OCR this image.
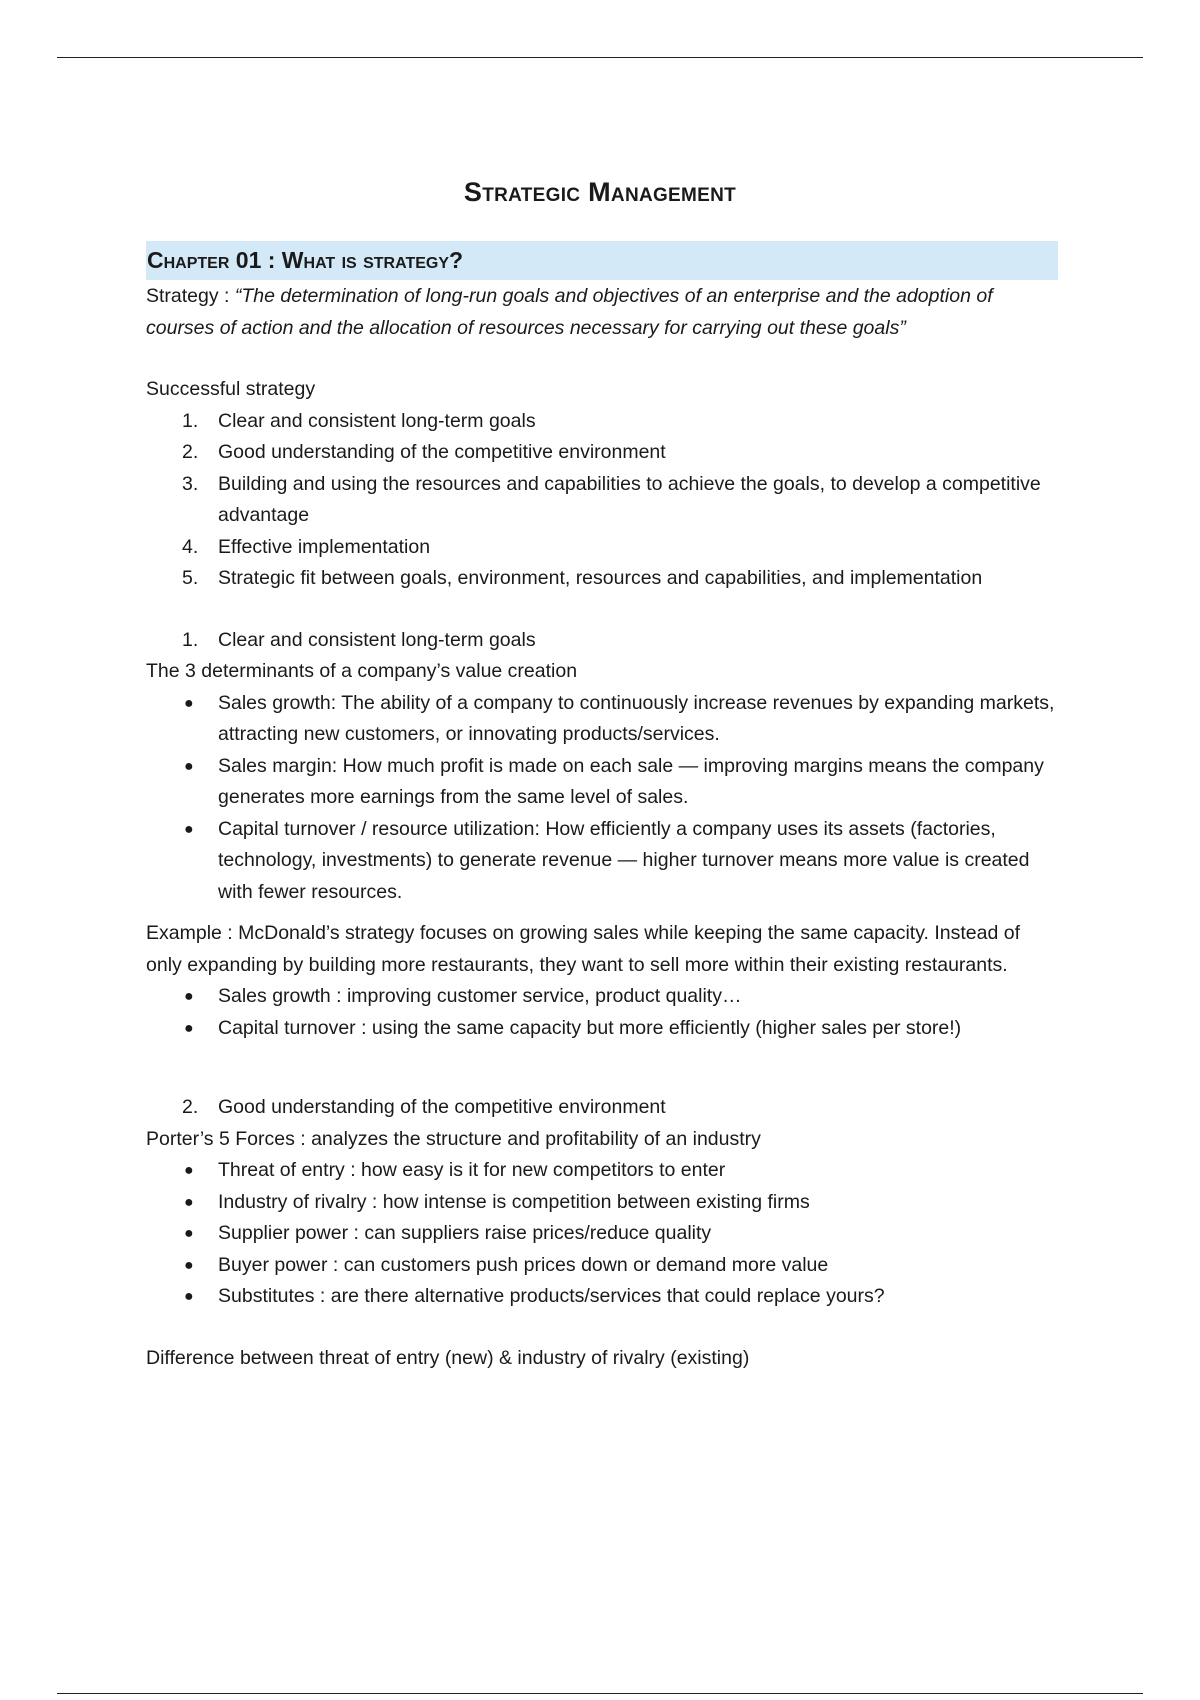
Strategic Management
Chapter 01 : What is strategy?

Strategy : “The determination of long-run goals and objectives of an enterprise and the adoption of courses of action and the allocation of resources necessary for carrying out these goals”

Successful strategy

1.	Clear and consistent long-term goals
2.	Good understanding of the competitive environment
3.	Building and using the resources and capabilities to achieve the goals, to develop a competitive advantage
4.	Effective implementation
5.	Strategic fit between goals, environment, resources and capabilities, and implementation
1.	Clear and consistent long-term goals

The 3 determinants of a company’s value creation

●	Sales growth: The ability of a company to continuously increase revenues by expanding markets, attracting new customers, or innovating products/services.
●	Sales margin: How much profit is made on each sale — improving margins means the company generates more earnings from the same level of sales.
●	Capital turnover / resource utilization: How efficiently a company uses its assets (factories, technology, investments) to generate revenue — higher turnover means more value is created with fewer resources.

Example : McDonald’s strategy focuses on growing sales while keeping the same capacity. Instead of only expanding by building more restaurants, they want to sell more within their existing restaurants.

●	Sales growth : improving customer service, product quality…
●	Capital turnover : using the same capacity but more efficiently (higher sales per store!)
2.	Good understanding of the competitive environment

Porter’s 5 Forces : analyzes the structure and profitability of an industry

●	Threat of entry : how easy is it for new competitors to enter
●	Industry of rivalry : how intense is competition between existing firms
●	Supplier power : can suppliers raise prices/reduce quality
●	Buyer power : can customers push prices down or demand more value
●	Substitutes : are there alternative products/services that could replace yours?

Difference between threat of entry (new) & industry of rivalry (existing)
